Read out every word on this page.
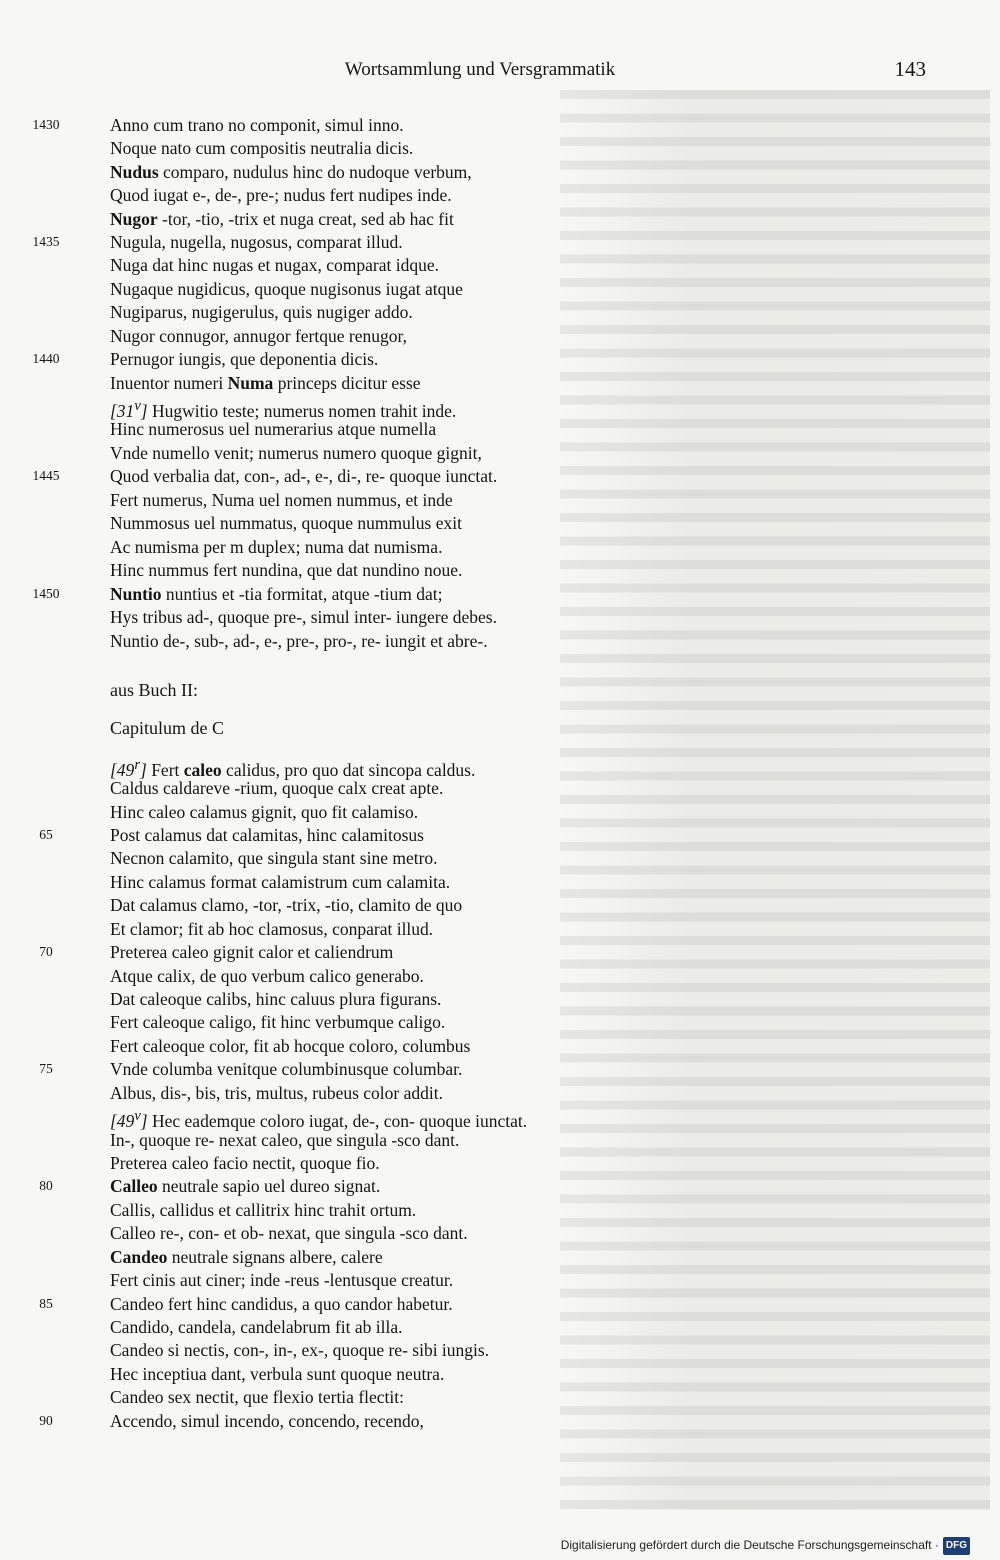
Wortsammlung und Versgrammatik	143
1430
1435
1440
1445
1450
65
70
75
80
85
90
Anno cum trano no componit, simul inno.
Noque nato cum compositis neutralia dicis.
Nudus comparo, nudulus hinc do nudoque verbum,
Quod iugat e-, de-, pre-; nudus fert nudipes inde.
Nugor -tor, -tio, -trix et nuga creat, sed ab hac fit
Nugula, nugella, nugosus, comparat illud.
Nuga dat hinc nugas et nugax, comparat idque.
Nugaque nugidicus, quoque nugisonus iugat atque
Nugiparus, nugigerulus, quis nugiger addo.
Nugor connugor, annugor fertque renugor,
Pernugor iungis, que deponentia dicis.
Inuentor numeri Numa princeps dicitur esse
[31$^v$] Hugwitio teste; numerus nomen trahit inde.
Hinc numerosus uel numerarius atque numella
Vnde numello venit; numerus numero quoque gignit,
Quod verbalia dat, con-, ad-, e-, di-, re- quoque iunctat.
Fert numerus, Numa uel nomen nummus, et inde
Nummosus uel nummatus, quoque nummulus exit
Ac numisma per m duplex; numa dat numisma.
Hinc nummus fert nundina, que dat nundino noue.
Nuntio nuntius et -tia formitat, atque -tium dat;
Hys tribus ad-, quoque pre-, simul inter- iungere debes.
Nuntio de-, sub-, ad-, e-, pre-, pro-, re- iungit et abre-.
aus Buch II:
Capitulum de C
[49$^r$] Fert caleo calidus, pro quo dat sincopa caldus.
Caldus caldareve -rium, quoque calx creat apte.
Hinc caleo calamus gignit, quo fit calamiso.
Post calamus dat calamitas, hinc calamitosus
Necnon calamito, que singula stant sine metro.
Hinc calamus format calamistrum cum calamita.
Dat calamus clamo, -tor, -trix, -tio, clamito de quo
Et clamor; fit ab hoc clamosus, conparat illud.
Preterea caleo gignit calor et caliendrum
Atque calix, de quo verbum calico generabo.
Dat caleoque calibs, hinc caluus plura figurans.
Fert caleoque caligo, fit hinc verbumque caligo.
Fert caleoque color, fit ab hocque coloro, columbus
Vnde columba venitque columbinusque columbar.
Albus, dis-, bis, tris, multus, rubeus color addit.
[49$^v$] Hec eademque coloro iugat, de-, con- quoque iunctat.
In-, quoque re- nexat caleo, que singula -sco dant.
Preterea caleo facio nectit, quoque fio.
Calleo neutrale sapio uel dureo signat.
Callis, callidus et callitrix hinc trahit ortum.
Calleo re-, con- et ob- nexat, que singula -sco dant.
Candeo neutrale signans albere, calere
Fert cinis aut ciner; inde -reus -lentusque creatur.
Candeo fert hinc candidus, a quo candor habetur.
Candido, candela, candelabrum fit ab illa.
Candeo si nectis, con-, in-, ex-, quoque re- sibi iungis.
Hec inceptiua dant, verbula sunt quoque neutra.
Candeo sex nectit, que flexio tertia flectit:
Accendo, simul incendo, concendo, recendo,
Digitalisierung gefördert durch die Deutsche Forschungsgemeinschaft · DFG
